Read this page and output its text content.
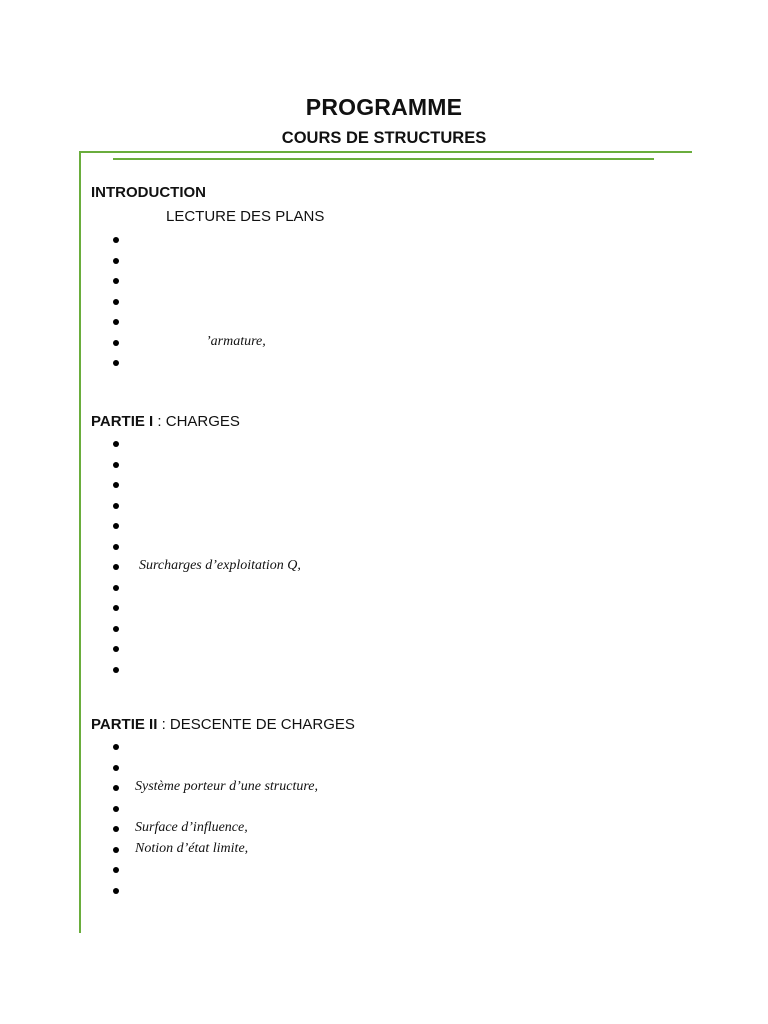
PROGRAMME
COURS DE STRUCTURES
INTRODUCTION
LECTURE DES PLANS
’armature,
PARTIE I : CHARGES
Surcharges d’exploitation Q,
PARTIE II : DESCENTE DE CHARGES
Système porteur d’une structure,
Surface d’influence,
Notion d’état limite,
